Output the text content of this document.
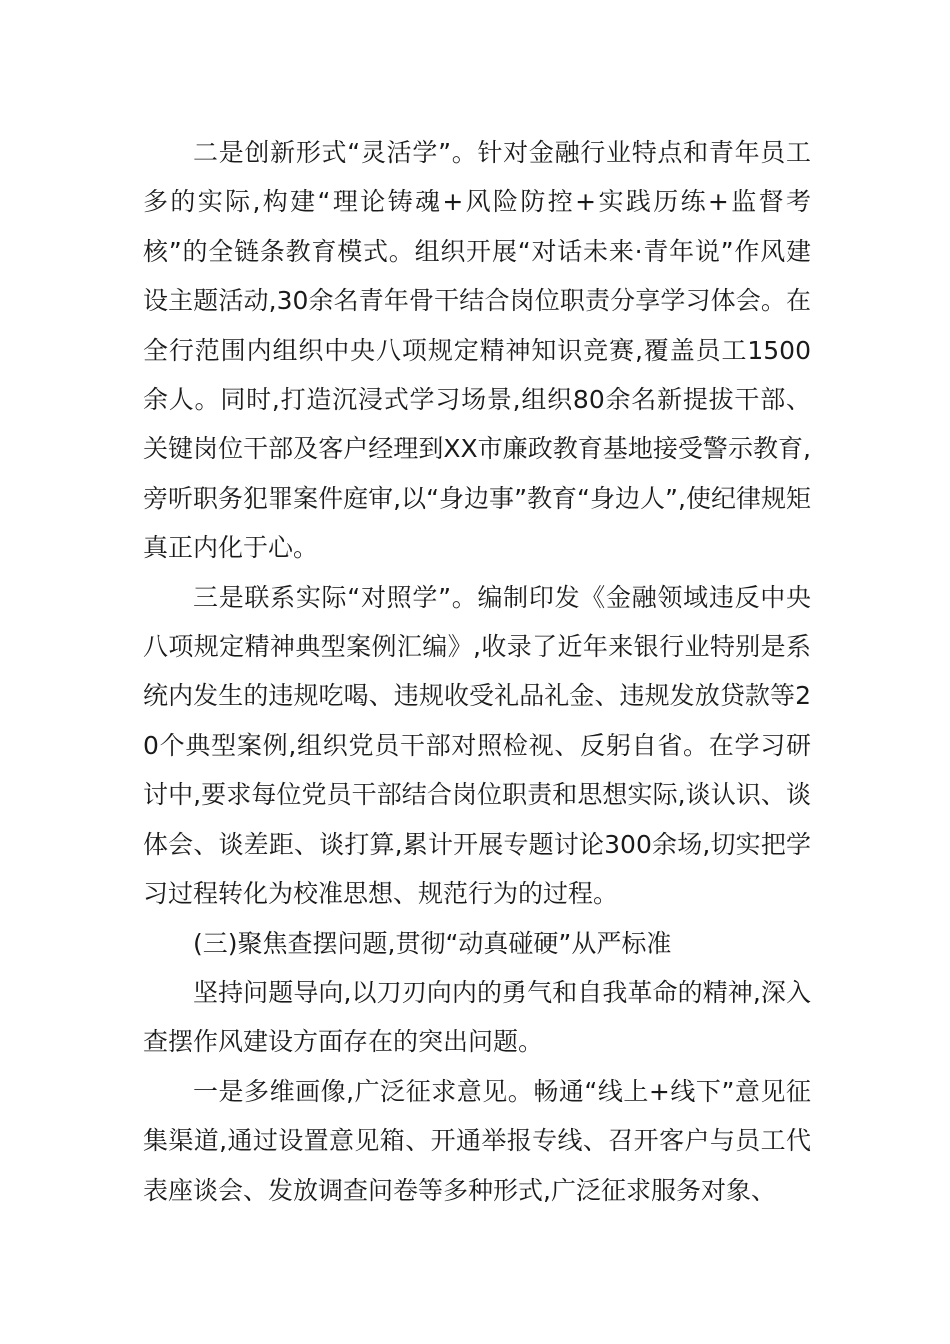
二是创新形式“灵活学”。针对金融行业特点和青年员工多的实际,构建“理论铸魂+风险防控+实践历练+监督考核”的全链条教育模式。组织开展“对话未来·青年说”作风建设主题活动,30余名青年骨干结合岗位职责分享学习体会。在全行范围内组织中央八项规定精神知识竞赛,覆盖员工1500余人。同时,打造沉浸式学习场景,组织80余名新提拔干部、关键岗位干部及客户经理到XX市廉政教育基地接受警示教育,旁听职务犯罪案件庭审,以“身边事”教育“身边人”,使纪律规矩真正内化于心。

三是联系实际“对照学”。编制印发《金融领域违反中央八项规定精神典型案例汇编》,收录了近年来银行业特别是系统内发生的违规吃喝、违规收受礼品礼金、违规发放贷款等20个典型案例,组织党员干部对照检视、反躬自省。在学习研讨中,要求每位党员干部结合岗位职责和思想实际,谈认识、谈体会、谈差距、谈打算,累计开展专题讨论300余场,切实把学习过程转化为校准思想、规范行为的过程。

(三)聚焦查摆问题,贯彻“动真碰硬”从严标准

坚持问题导向,以刀刃向内的勇气和自我革命的精神,深入查摆作风建设方面存在的突出问题。

一是多维画像,广泛征求意见。畅通“线上+线下”意见征集渠道,通过设置意见箱、开通举报专线、召开客户与员工代表座谈会、发放调查问卷等多种形式,广泛征求服务对象、
